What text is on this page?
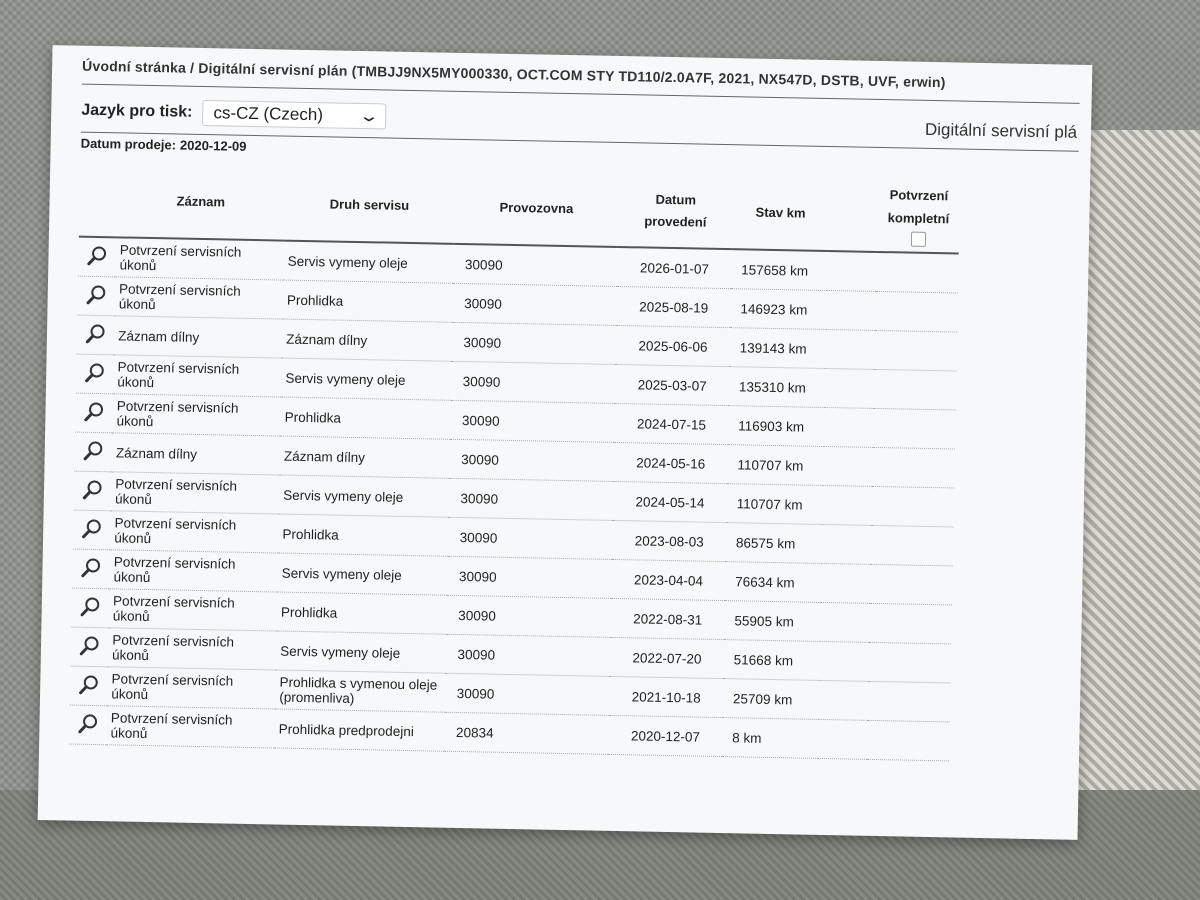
Úvodní stránka / Digitální servisní plán (TMBJJ9NX5MY000330, OCT.COM STY TD110/2.0A7F, 2021, NX547D, DSTB, UVF, erwin)
Jazyk pro tisk: cs-CZ (Czech) ⌄
Digitální servisní plá
Datum prodeje: 2020-12-09
	Záznam	Druh servisu	Provozovna	Datum
provedení	Stav km		Potvrzení
kompletní

	Potvrzení servisních úkonů	Servis vymeny oleje	30090	2026-01-07	157658 km		
	Potvrzení servisních úkonů	Prohlidka	30090	2025-08-19	146923 km		
	Záznam dílny	Záznam dílny	30090	2025-06-06	139143 km		
	Potvrzení servisních úkonů	Servis vymeny oleje	30090	2025-03-07	135310 km		
	Potvrzení servisních úkonů	Prohlidka	30090	2024-07-15	116903 km		
	Záznam dílny	Záznam dílny	30090	2024-05-16	110707 km		
	Potvrzení servisních úkonů	Servis vymeny oleje	30090	2024-05-14	110707 km		
	Potvrzení servisních úkonů	Prohlidka	30090	2023-08-03	86575 km		
	Potvrzení servisních úkonů	Servis vymeny oleje	30090	2023-04-04	76634 km		
	Potvrzení servisních úkonů	Prohlidka	30090	2022-08-31	55905 km		
	Potvrzení servisních úkonů	Servis vymeny oleje	30090	2022-07-20	51668 km		
	Potvrzení servisních úkonů	Prohlidka s vymenou oleje
(promenliva)	30090	2021-10-18	25709 km		
	Potvrzení servisních úkonů	Prohlidka predprodejni	20834	2020-12-07	8 km		
